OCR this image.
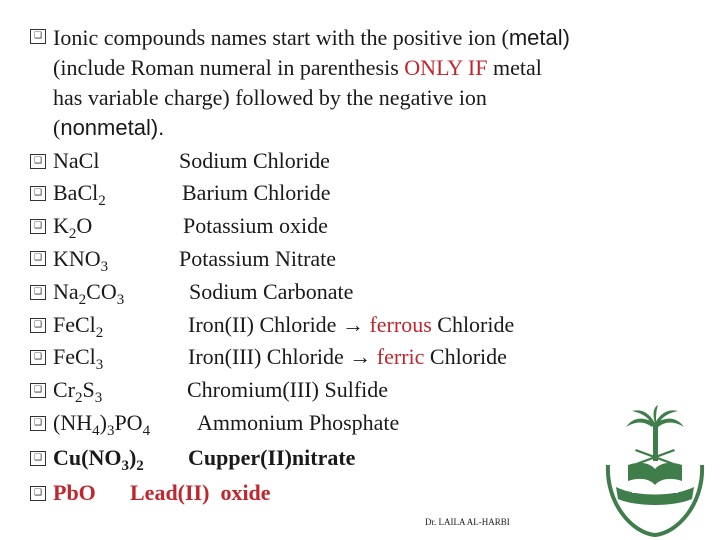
❑ Ionic compounds names start with the positive ion (metal)
(include Roman numeral in parenthesis ONLY IF metal
has variable charge) followed by the negative ion
(nonmetal).
❑ NaCl	Sodium Chloride
❑ BaCl$_2$	Barium Chloride
❑ $K_2O$	Potassium oxide
❑ $KNO_3$	Potassium Nitrate
❑ $Na_2CO_3$	Sodium Carbonate
❑ FeCl$_2$	Iron(II) Chloride → ferrous Chloride
❑ FeCl$_3$	Iron(III) Chloride → ferric Chloride
❑ $Cr_2S_3$	Chromium(III) Sulfide
❑ $(NH_4)_3PO_4$ Ammonium Phosphate
❑ $Cu(NO_3)_2$ Cupper(II)nitrate
❑ PbO Lead(II)  oxide
Dr. LAILA AL-HARBI
